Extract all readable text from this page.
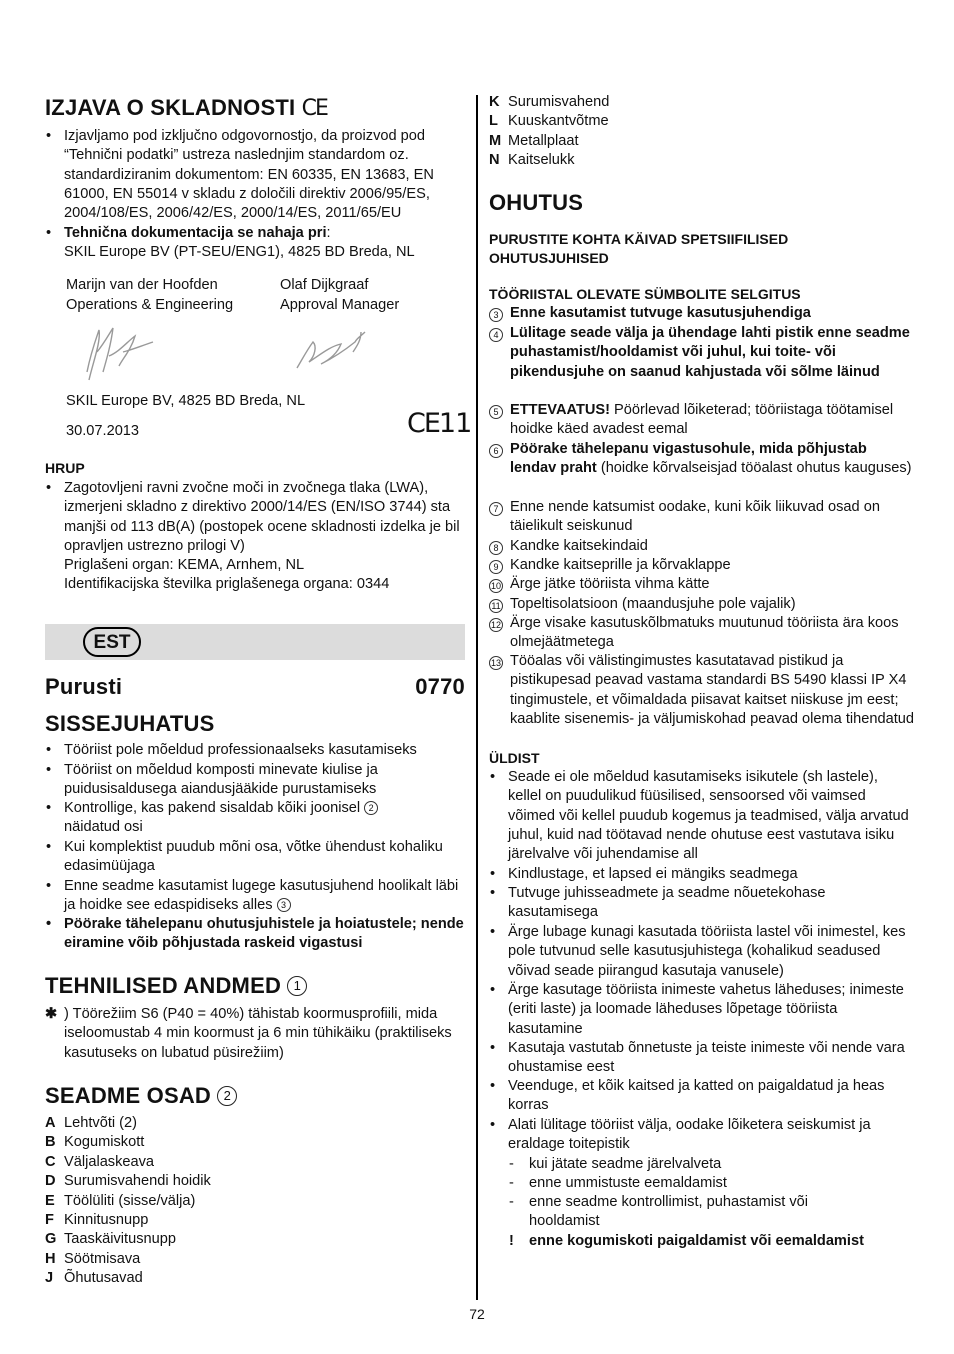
IZJAVA O SKLADNOSTI CE
• Izjavljamo pod izključno odgovornostjo, da proizvod pod “Tehnični podatki” ustreza naslednjim standardom oz. standardiziranim dokumentom: EN 60335, EN 13683, EN 61000, EN 55014 v skladu z določili direktiv 2006/95/ES, 2004/108/ES, 2006/42/ES, 2000/14/ES, 2011/65/EU
• Tehnična dokumentacija se nahaja pri:
SKIL Europe BV (PT-SEU/ENG1), 4825 BD Breda, NL
Marijn van der Hoofden
Operations & Engineering
Olaf Dijkgraaf
Approval Manager
SKIL Europe BV, 4825 BD Breda, NL
30.07.2013	CE11
HRUP
• Zagotovljeni ravni zvočne moči in zvočnega tlaka (LWA), izmerjeni skladno z direktivo 2000/14/ES (EN/ISO 3744) sta manjši od 113 dB(A) (postopek ocene skladnosti izdelka je bil opravljen ustrezno prilogi V)
Priglašeni organ: KEMA, Arnhem, NL
Identifikacijska številka priglašenega organa: 0344
EST
Purusti	0770
SISSEJUHATUS
• Tööriist pole mõeldud professionaalseks kasutamiseks
• Tööriist on mõeldud komposti minevate kiulise ja puidusisaldusega aiandusjääkide purustamiseks
• Kontrollige, kas pakend sisaldab kõiki joonisel 2
näidatud osi
• Kui komplektist puudub mõni osa, võtke ühendust kohaliku edasimüüjaga
• Enne seadme kasutamist lugege kasutusjuhend hoolikalt läbi ja hoidke see edaspidiseks alles 3
• Pöörake tähelepanu ohutusjuhistele ja hoiatustele; nende eiramine võib põhjustada raskeid vigastusi
TEHNILISED ANDMED 1
✱ ) Töörežiim S6 (P40 = 40%) tähistab koormusprofiili, mida iseloomustab 4 min koormust ja 6 min tühikäiku (praktiliseks kasutuseks on lubatud püsirežiim)
SEADME OSAD 2
A Lehtvõti (2)
B Kogumiskott
C Väljalaskeava
D Surumisvahendi hoidik
E Töölüliti (sisse/välja)
F Kinnitusnupp
G Taaskäivitusnupp
H Söötmisava
J Õhutusavad
K Surumisvahend
L Kuuskantvõtme
M Metallplaat
N Kaitselukk
OHUTUS
PURUSTITE KOHTA KÄIVAD SPETSIIFILISED OHUTUSJUHISED
TÖÖRIISTAL OLEVATE SÜMBOLITE SELGITUS
3 Enne kasutamist tutvuge kasutusjuhendiga
4 Lülitage seade välja ja ühendage lahti pistik enne seadme puhastamist/hooldamist või juhul, kui toite- või pikendusjuhe on saanud kahjustada või sõlme läinud
5 ETTEVAATUS! Pöörlevad lõiketerad; tööriistaga töötamisel hoidke käed avadest eemal
6 Pöörake tähelepanu vigastusohule, mida põhjustab lendav praht (hoidke kõrvalseisjad tööalast ohutus kauguses)
7 Enne nende katsumist oodake, kuni kõik liikuvad osad on täielikult seiskunud
8 Kandke kaitsekindaid
9 Kandke kaitseprille ja kõrvaklappe
10 Ärge jätke tööriista vihma kätte
11 Topeltisolatsioon (maandusjuhe pole vajalik)
12 Ärge visake kasutuskõlbmatuks muutunud tööriista ära koos olmejäätmetega
13 Tööalas või välistingimustes kasutatavad pistikud ja pistikupesad peavad vastama standardi BS 5490 klassi IP X4 tingimustele, et võimaldada piisavat kaitset niiskuse jm eest; kaablite sisenemis- ja väljumiskohad peavad olema tihendatud
ÜLDIST
• Seade ei ole mõeldud kasutamiseks isikutele (sh lastele), kellel on puudulikud füüsilised, sensoorsed või vaimsed võimed või kellel puudub kogemus ja teadmised, välja arvatud juhul, kuid nad töötavad nende ohutuse eest vastutava isiku järelvalve või juhendamise all
• Kindlustage, et lapsed ei mängiks seadmega
• Tutvuge juhisseadmete ja seadme nõuetekohase kasutamisega
• Ärge lubage kunagi kasutada tööriista lastel või inimestel, kes pole tutvunud selle kasutusjuhistega (kohalikud seadused võivad seade piirangud kasutaja vanusele)
• Ärge kasutage tööriista inimeste vahetus läheduses; inimeste (eriti laste) ja loomade läheduses lõpetage tööriista kasutamine
• Kasutaja vastutab õnnetuste ja teiste inimeste või nende vara ohustamise eest
• Veenduge, et kõik kaitsed ja katted on paigaldatud ja heas korras
• Alati lülitage tööriist välja, oodake lõiketera seiskumist ja eraldage toitepistik
- kui jätate seadme järelvalveta
- enne ummistuste eemaldamist
- enne seadme kontrollimist, puhastamist või hooldamist
! enne kogumiskoti paigaldamist või eemaldamist
72
